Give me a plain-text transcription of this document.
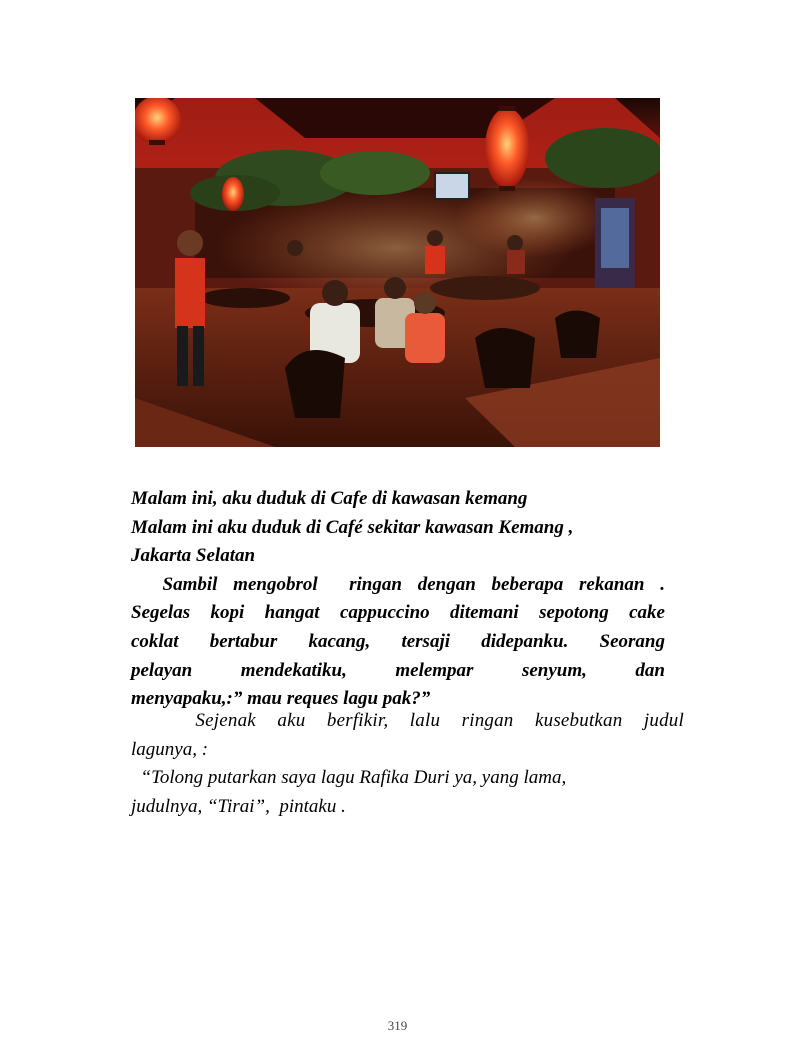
Malam ini, aku duduk di Cafe di kawasan kemang
Malam ini aku duduk di Café sekitar kawasan Kemang ,
Jakarta Selatan
Sambil mengobrol  ringan dengan beberapa rekanan .
Segelas kopi hangat cappuccino ditemani sepotong cake
coklat bertabur kacang, tersaji didepanku. Seorang
pelayan mendekatiku, melempar senyum, dan
menyapaku,:” mau reques lagu pak?”
Sejenak aku berfikir, lalu ringan kusebutkan judul
lagunya, :
“Tolong putarkan saya lagu Rafika Duri ya, yang lama,
judulnya, “Tirai”,  pintaku .
319
